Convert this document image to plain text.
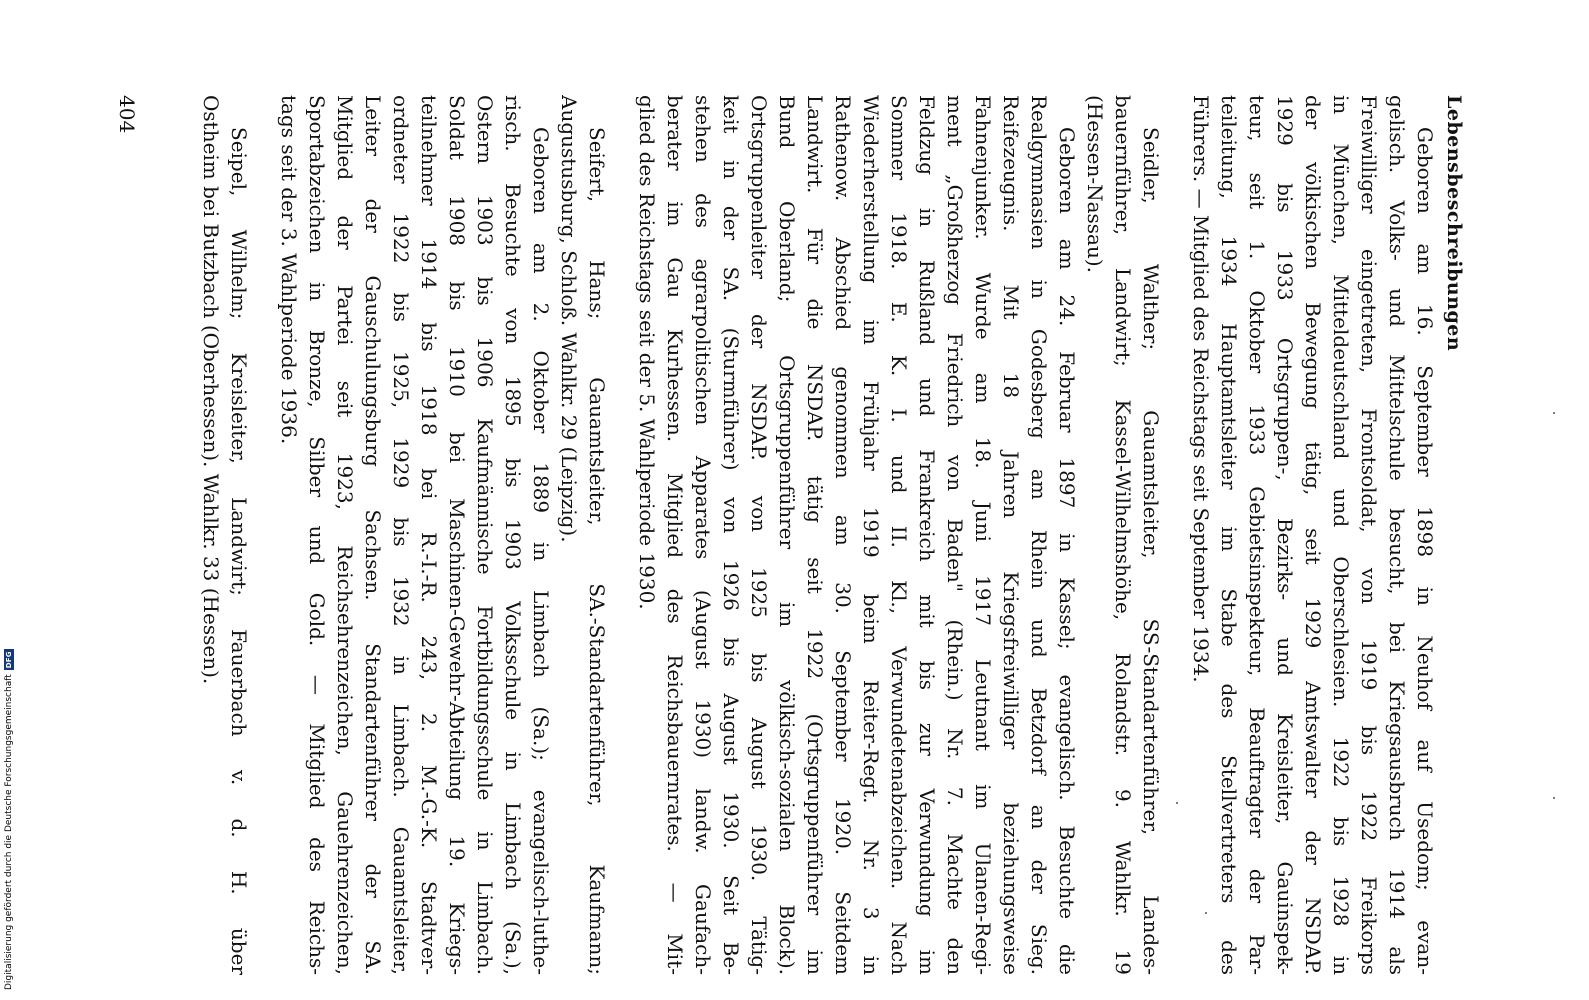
Lebensbeschreibungen
Geboren am 16. September 1898 in Neuhof auf Usedom; evan-
gelisch. Volks- und Mittelschule besucht, bei Kriegsausbruch 1914 als
Freiwilliger eingetreten, Frontsoldat, von 1919 bis 1922 Freikorps
in München, Mitteldeutschland und Oberschlesien. 1922 bis 1928 in
der völkischen Bewegung tätig, seit 1929 Amtswalter der NSDAP.
1929 bis 1933 Ortsgruppen-, Bezirks- und Kreisleiter, Gauinspek-
teur, seit 1. Oktober 1933 Gebietsinspekteur, Beauftragter der Par-
teileitung, 1934 Hauptamtsleiter im Stabe des Stellvertreters des
Führers. — Mitglied des Reichstags seit September 1934.
Seidler, Walther; Gauamtsleiter, SS-Standartenführer, Landes-
bauernführer, Landwirt; Kassel-Wilhelmshöhe, Rolandstr. 9. Wahlkr. 19
(Hessen-Nassau).
Geboren am 24. Februar 1897 in Kassel; evangelisch. Besuchte die
Realgymnasien in Godesberg am Rhein und Betzdorf an der Sieg.
Reifezeugnis. Mit 18 Jahren Kriegsfreiwilliger beziehungsweise
Fahnenjunker. Wurde am 18. Juni 1917 Leutnant im Ulanen-Regi-
ment „Großherzog Friedrich von Baden" (Rhein.) Nr. 7. Machte den
Feldzug in Rußland und Frankreich mit bis zur Verwundung im
Sommer 1918. E. K. I. und II. Kl., Verwundetenabzeichen. Nach
Wiederherstellung im Frühjahr 1919 beim Reiter-Regt. Nr. 3 in
Rathenow. Abschied genommen am 30. September 1920. Seitdem
Landwirt. Für die NSDAP. tätig seit 1922 (Ortsgruppenführer im
Bund Oberland; Ortsgruppenführer im völkisch-sozialen Block).
Ortsgruppenleiter der NSDAP. von 1925 bis August 1930. Tätig-
keit in der SA. (Sturmführer) von 1926 bis August 1930. Seit Be-
stehen des agrarpolitischen Apparates (August 1930) landw. Gaufach-
berater im Gau Kurhessen. Mitglied des Reichsbauernrates. — Mit-
glied des Reichstags seit der 5. Wahlperiode 1930.
Seifert, Hans; Gauamtsleiter, SA.-Standartenführer, Kaufmann;
Augustusburg, Schloß. Wahlkr. 29 (Leipzig).
Geboren am 2. Oktober 1889 in Limbach (Sa.); evangelisch-luthe-
risch. Besuchte von 1895 bis 1903 Volksschule in Limbach (Sa.),
Ostern 1903 bis 1906 Kaufmännische Fortbildungsschule in Limbach.
Soldat 1908 bis 1910 bei Maschinen-Gewehr-Abteilung 19. Kriegs-
teilnehmer 1914 bis 1918 bei R.-I.-R. 243, 2. M.-G.-K. Stadtver-
ordneter 1922 bis 1925, 1929 bis 1932 in Limbach. Gauamtsleiter,
Leiter der Gauschulungsburg Sachsen. Standartenführer der SA.
Mitglied der Partei seit 1923, Reichsehrenzeichen, Gauehrenzeichen,
Sportabzeichen in Bronze, Silber und Gold. — Mitglied des Reichs-
tags seit der 3. Wahlperiode 1936.
Seipel, Wilhelm; Kreisleiter, Landwirt; Fauerbach v. d. H. über
Ostheim bei Butzbach (Oberhessen). Wahlkr. 33 (Hessen).
404
Digitalisierung gefördert durch die Deutsche Forschungsgemeinschaft
DFG
